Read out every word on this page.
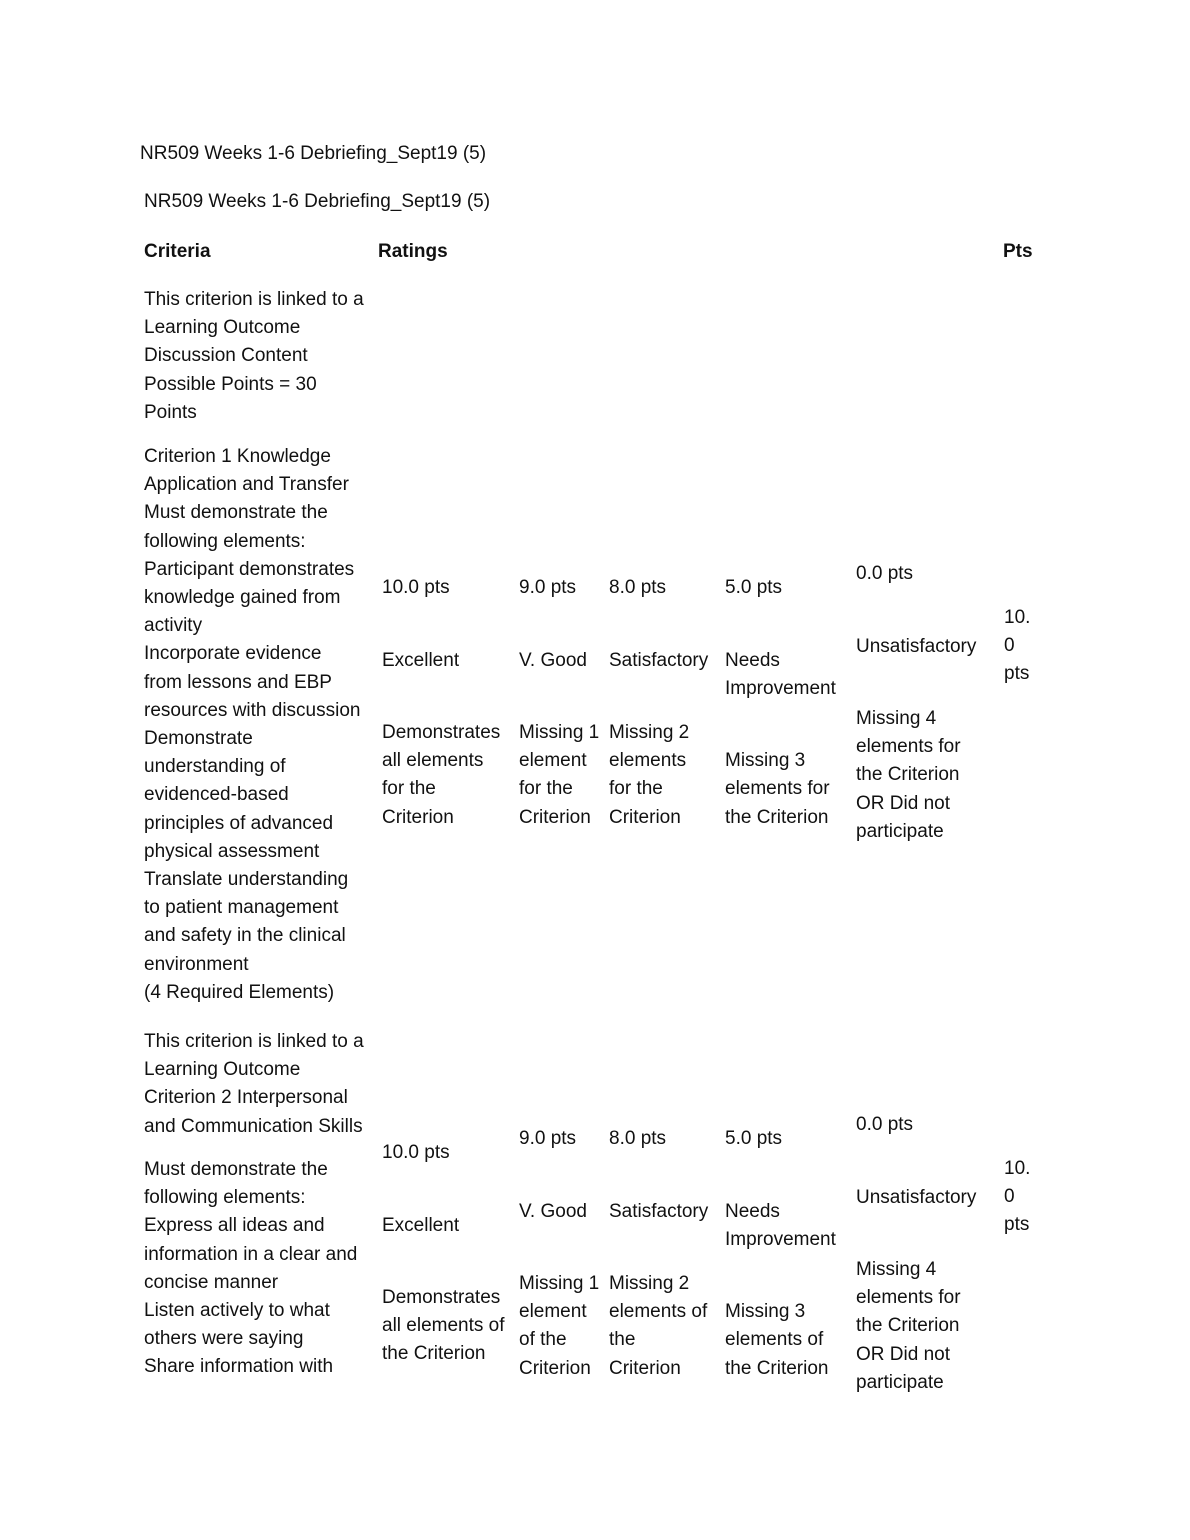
NR509 Weeks 1-6 Debriefing_Sept19 (5)
NR509 Weeks 1-6 Debriefing_Sept19 (5)
Criteria	Ratings	Pts
This criterion is linked to a
Learning Outcome
Discussion Content
Possible Points = 30
Points
Criterion 1 Knowledge
Application and Transfer
Must demonstrate the
following elements:
Participant demonstrates
knowledge gained from
activity
Incorporate evidence
from lessons and EBP
resources with discussion
Demonstrate
understanding of
evidenced-based
principles of advanced
physical assessment
Translate understanding
to patient management
and safety in the clinical
environment
(4 Required Elements)

10.0 pts

Excellent

Demonstrates
all elements
for the
Criterion

9.0 pts

V. Good

Missing 1
element
for the
Criterion

8.0 pts

Satisfactory

Missing 2
elements
for the
Criterion

5.0 pts

Needs
Improvement

Missing 3
elements for
the Criterion

0.0 pts

Unsatisfactory

Missing 4
elements for
the Criterion
OR Did not
participate

10.
0
pts
This criterion is linked to a
Learning Outcome
Criterion 2 Interpersonal
and Communication Skills
Must demonstrate the
following elements:
Express all ideas and
information in a clear and
concise manner
Listen actively to what
others were saying
Share information with

10.0 pts

Excellent

Demonstrates
all elements of
the Criterion

9.0 pts

V. Good

Missing 1
element
of the
Criterion

8.0 pts

Satisfactory

Missing 2
elements of
the
Criterion

5.0 pts

Needs
Improvement

Missing 3
elements of
the Criterion

0.0 pts

Unsatisfactory

Missing 4
elements for
the Criterion
OR Did not
participate

10.
0
pts
